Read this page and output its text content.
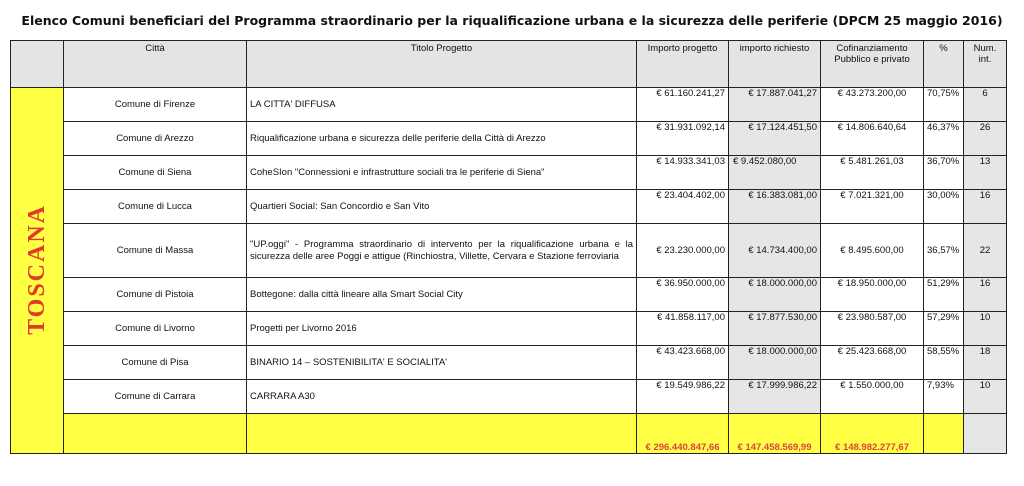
Elenco Comuni beneficiari del Programma straordinario per la riqualificazione urbana e la sicurezza delle periferie (DPCM 25 maggio 2016)
	Città	Titolo Progetto	Importo progetto	importo richiesto	Cofinanziamento Pubblico e privato	%	Num. int.
TOSCANA	Comune di Firenze	LA CITTA' DIFFUSA	€ 61.160.241,27	€ 17.887.041,27	€ 43.273.200,00	70,75%	6
	Comune di Arezzo	Riqualificazione urbana e sicurezza delle periferie della Città di Arezzo	€ 31.931.092,14	€ 17.124.451,50	€ 14.806.640,64	46,37%	26
	Comune di Siena	CoheSIon "Connessioni e infrastrutture sociali tra le periferie di Siena"	€ 14.933.341,03	€ 9.452.080,00	€ 5.481.261,03	36,70%	13
	Comune di Lucca	Quartieri Social: San Concordio e San Vito	€ 23.404.402,00	€ 16.383.081,00	€ 7.021.321,00	30,00%	16
	Comune di Massa	"UP.oggi" - Programma straordinario di intervento per la riqualificazione urbana e la sicurezza delle aree Poggi e attigue (Rinchiostra, Villette, Cervara e Stazione ferroviaria	€ 23.230.000,00	€ 14.734.400,00	€ 8.495.600,00	36,57%	22
	Comune di Pistoia	Bottegone: dalla città lineare alla Smart Social City	€ 36.950.000,00	€ 18.000.000,00	€ 18.950.000,00	51,29%	16
	Comune di Livorno	Progetti per Livorno 2016	€ 41.858.117,00	€ 17.877.530,00	€ 23.980.587,00	57,29%	10
	Comune di Pisa	BINARIO 14 – SOSTENIBILITA' E SOCIALITA'	€ 43.423.668,00	€ 18.000.000,00	€ 25.423.668,00	58,55%	18
	Comune di Carrara	CARRARA A30	€ 19.549.986,22	€ 17.999.986,22	€ 1.550.000,00	7,93%	10
			€ 296.440.847,66	€ 147.458.569,99	€ 148.982.277,67		
